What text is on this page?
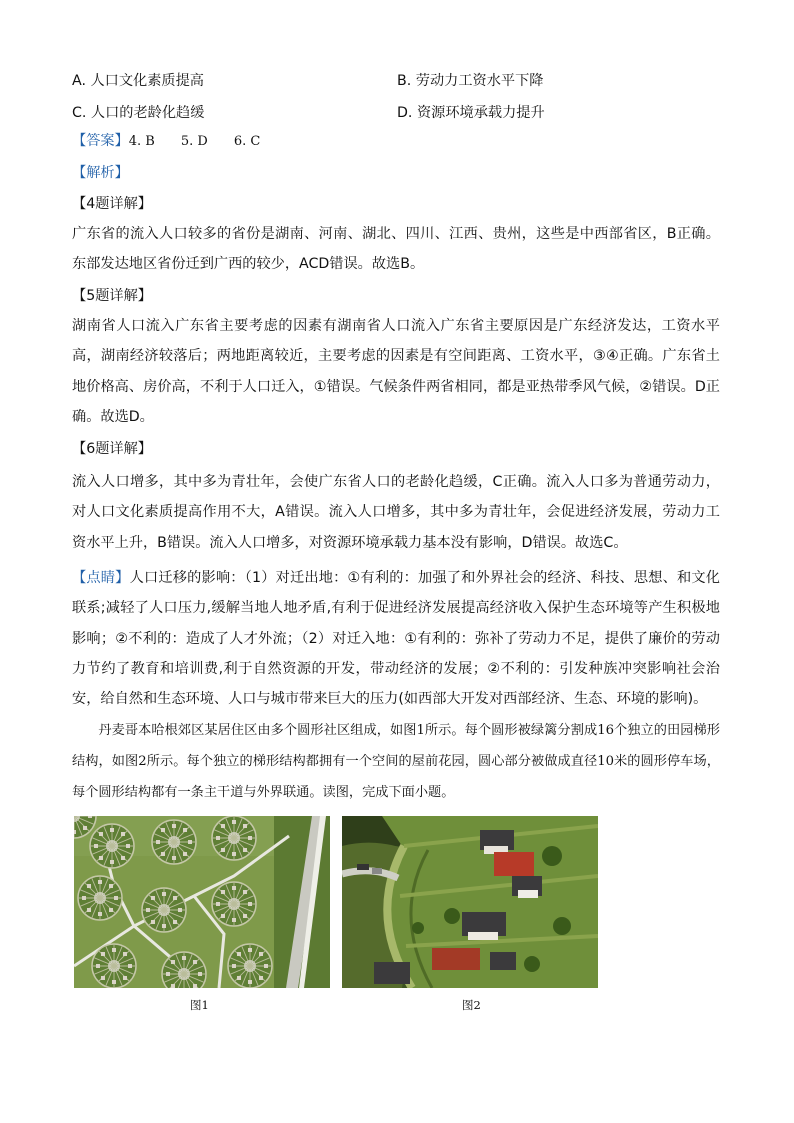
A. 人口文化素质提高	B. 劳动力工资水平下降
C. 人口的老龄化趋缓	D. 资源环境承载力提升
【答案】4. B　　5. D　　6. C
【解析】
【4题详解】
广东省的流入人口较多的省份是湖南、河南、湖北、四川、江西、贵州，这些是中西部省区，B正确。东部发达地区省份迁到广西的较少，ACD错误。故选B。
【5题详解】
湖南省人口流入广东省主要考虑的因素有湖南省人口流入广东省主要原因是广东经济发达，工资水平高，湖南经济较落后；两地距离较近，主要考虑的因素是有空间距离、工资水平，③④正确。广东省土地价格高、房价高，不利于人口迁入，①错误。气候条件两省相同，都是亚热带季风气候，②错误。D正确。故选D。
【6题详解】
流入人口增多，其中多为青壮年，会使广东省人口的老龄化趋缓，C正确。流入人口多为普通劳动力，对人口文化素质提高作用不大，A错误。流入人口增多，其中多为青壮年，会促进经济发展，劳动力工资水平上升，B错误。流入人口增多，对资源环境承载力基本没有影响，D错误。故选C。
【点睛】人口迁移的影响：（1）对迁出地：①有利的：加强了和外界社会的经济、科技、思想、和文化联系;减轻了人口压力,缓解当地人地矛盾,有利于促进经济发展提高经济收入保护生态环境等产生积极地影响；②不利的：造成了人才外流；（2）对迁入地：①有利的：弥补了劳动力不足，提供了廉价的劳动力节约了教育和培训费,利于自然资源的开发，带动经济的发展；②不利的：引发种族冲突影响社会治安，给自然和生态环境、人口与城市带来巨大的压力(如西部大开发对西部经济、生态、环境的影响)。
丹麦哥本哈根郊区某居住区由多个圆形社区组成，如图1所示。每个圆形被绿篱分割成16个独立的田园梯形结构，如图2所示。每个独立的梯形结构都拥有一个空间的屋前花园，圆心部分被做成直径10米的圆形停车场，每个圆形结构都有一条主干道与外界联通。读图，完成下面小题。
图1	图2
